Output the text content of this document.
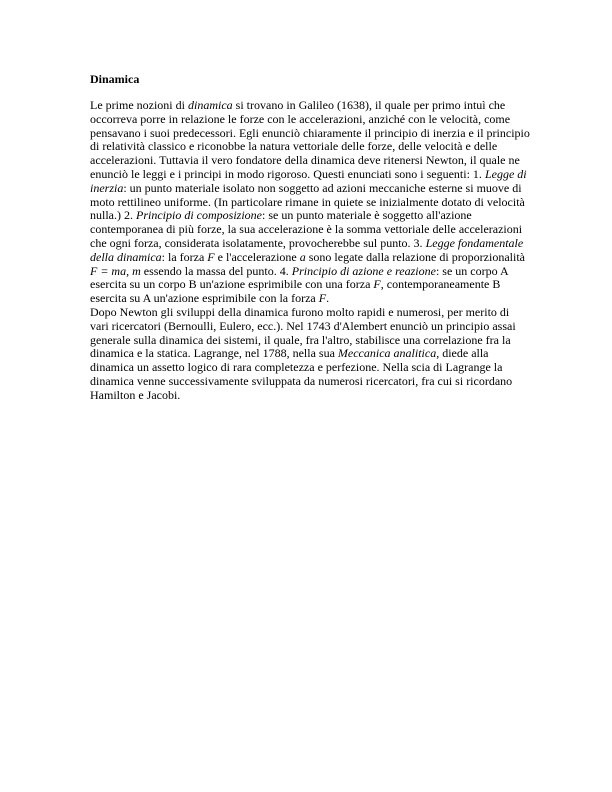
Dinamica

Le prime nozioni di dinamica si trovano in Galileo (1638), il quale per primo intuì che occorreva porre in relazione le forze con le accelerazioni, anziché con le velocità, come pensavano i suoi predecessori. Egli enunciò chiaramente il principio di inerzia e il principio di relatività classico e riconobbe la natura vettoriale delle forze, delle velocità e delle accelerazioni. Tuttavia il vero fondatore della dinamica deve ritenersi Newton, il quale ne enunciò le leggi e i principi in modo rigoroso. Questi enunciati sono i seguenti: 1. Legge di inerzia: un punto materiale isolato non soggetto ad azioni meccaniche esterne si muove di moto rettilineo uniforme. (In particolare rimane in quiete se inizialmente dotato di velocità nulla.) 2. Principio di composizione: se un punto materiale è soggetto all'azione contemporanea di più forze, la sua accelerazione è la somma vettoriale delle accelerazioni che ogni forza, considerata isolatamente, provocherebbe sul punto. 3. Legge fondamentale della dinamica: la forza F e l'accelerazione a sono legate dalla relazione di proporzionalità F = ma, m essendo la massa del punto. 4. Principio di azione e reazione: se un corpo A esercita su un corpo B un'azione esprimibile con una forza F, contemporaneamente B esercita su A un'azione esprimibile con la forza F.

Dopo Newton gli sviluppi della dinamica furono molto rapidi e numerosi, per merito di vari ricercatori (Bernoulli, Eulero, ecc.). Nel 1743 d'Alembert enunciò un principio assai generale sulla dinamica dei sistemi, il quale, fra l'altro, stabilisce una correlazione fra la dinamica e la statica. Lagrange, nel 1788, nella sua Meccanica analitica, diede alla dinamica un assetto logico di rara completezza e perfezione. Nella scia di Lagrange la dinamica venne successivamente sviluppata da numerosi ricercatori, fra cui si ricordano Hamilton e Jacobi.
